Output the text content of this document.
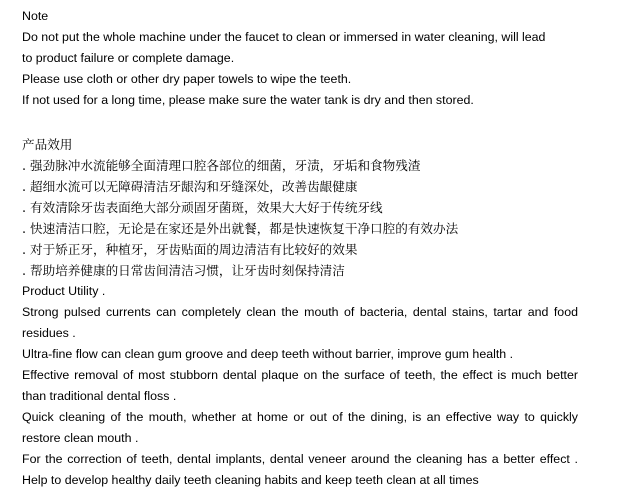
Note
Do not put the whole machine under the faucet to clean or immersed in water cleaning, will lead
to product failure or complete damage.
Please use cloth or other dry paper towels to wipe the teeth.
If not used for a long time, please make sure the water tank is dry and then stored.
产品效用
. 强劲脉冲水流能够全面清理口腔各部位的细菌，牙渍，牙垢和食物残渣
. 超细水流可以无障碍清洁牙龈沟和牙缝深处，改善齿龈健康
. 有效清除牙齿表面绝大部分顽固牙菌斑，效果大大好于传统牙线
. 快速清洁口腔，无论是在家还是外出就餐，都是快速恢复干净口腔的有效办法
. 对于矫正牙，种植牙，牙齿贴面的周边清洁有比较好的效果
. 帮助培养健康的日常齿间清洁习惯，让牙齿时刻保持清洁
Product Utility .
Strong pulsed currents can completely clean the mouth of bacteria, dental stains, tartar and food residues .
Ultra-fine flow can clean gum groove and deep teeth without barrier, improve gum health .
Effective removal of most stubborn dental plaque on the surface of teeth, the effect is much better than traditional dental floss .
Quick cleaning of the mouth, whether at home or out of the dining, is an effective way to quickly restore clean mouth .
For the correction of teeth, dental implants, dental veneer around the cleaning has a better effect . Help to develop healthy daily teeth cleaning habits and keep teeth clean at all times
